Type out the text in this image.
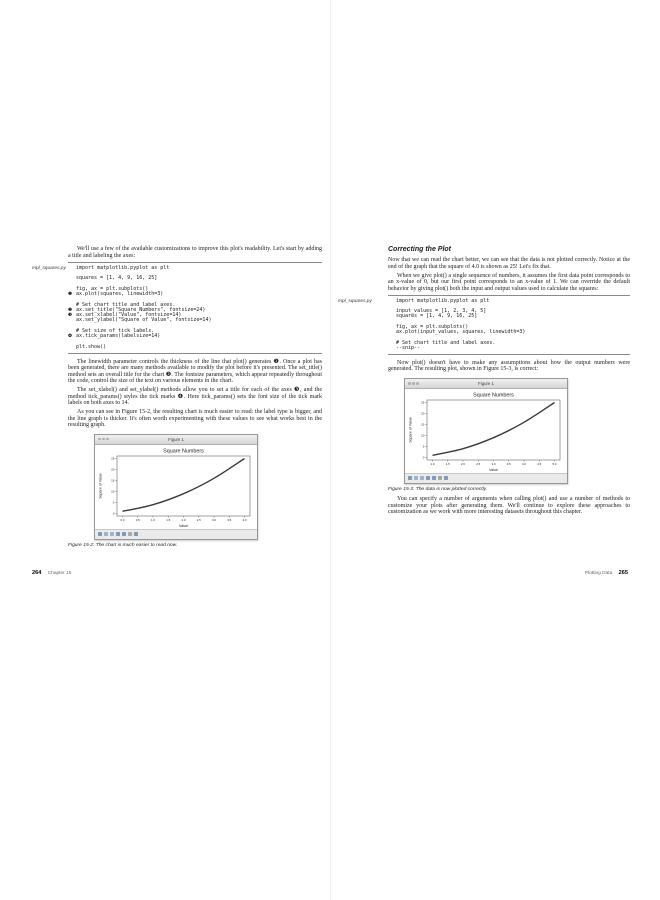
We'll use a few of the available customizations to improve this plot's readability. Let's start by adding a title and labeling the axes:

mpl_squares.py import matplotlib.pyplot as plt

squares = [1, 4, 9, 16, 25]

fig, ax = plt.subplots()
❶ ax.plot(squares, linewidth=3)

# Set chart title and label axes.
❷ ax.set_title("Square Numbers", fontsize=24)
❸ ax.set_xlabel("Value", fontsize=14)
ax.set_ylabel("Square of Value", fontsize=14)

# Set size of tick labels.
❹ ax.tick_params(labelsize=14)

plt.show()

The linewidth parameter controls the thickness of the line that plot() generates ❶. Once a plot has been generated, there are many methods available to modify the plot before it's presented. The set_title() method sets an overall title for the chart ❷. The fontsize parameters, which appear repeatedly throughout the code, control the size of the text on various elements in the chart.

The set_xlabel() and set_ylabel() methods allow you to set a title for each of the axes ❸, and the method tick_params() styles the tick marks ❹. Here tick_params() sets the font size of the tick mark labels on both axes to 14.

As you can see in Figure 15-2, the resulting chart is much easier to read: the label type is bigger, and the line graph is thicker. It's often worth experimenting with these values to see what works best in the resulting graph.

Figure 1
Square Numbers
0.0	0.5	1.0	1.5	2.0	2.5	3.0	3.5	4.0
0
5
10
15
20
25
Value
Square of Value

Figure 15-2: The chart is much easier to read now.

Correcting the Plot

Now that we can read the chart better, we can see that the data is not plotted correctly. Notice at the end of the graph that the square of 4.0 is shown as 25! Let's fix that.

When we give plot() a single sequence of numbers, it assumes the first data point corresponds to an x-value of 0, but our first point corresponds to an x-value of 1. We can override the default behavior by giving plot() both the input and output values used to calculate the squares:

mpl_squares.py	import matplotlib.pyplot as plt

input_values = [1, 2, 3, 4, 5]
squares = [1, 4, 9, 16, 25]

fig, ax = plt.subplots()
ax.plot(input_values, squares, linewidth=3)

# Set chart title and label axes.
--snip--

Now plot() doesn't have to make any assumptions about how the output numbers were generated. The resulting plot, shown in Figure 15-3, is correct:

Figure 1
Square Numbers
1.0	1.5	2.0	2.5	3.0	3.5	4.0	4.5	5.0
0
5
10
15
20
25
Value
Square of Value

Figure 15-3: The data is now plotted correctly.

You can specify a number of arguments when calling plot() and use a number of methods to customize your plots after generating them. We'll continue to explore these approaches to customization as we work with more interesting datasets throughout this chapter.

264 Chapter 15	Plotting Data 265
